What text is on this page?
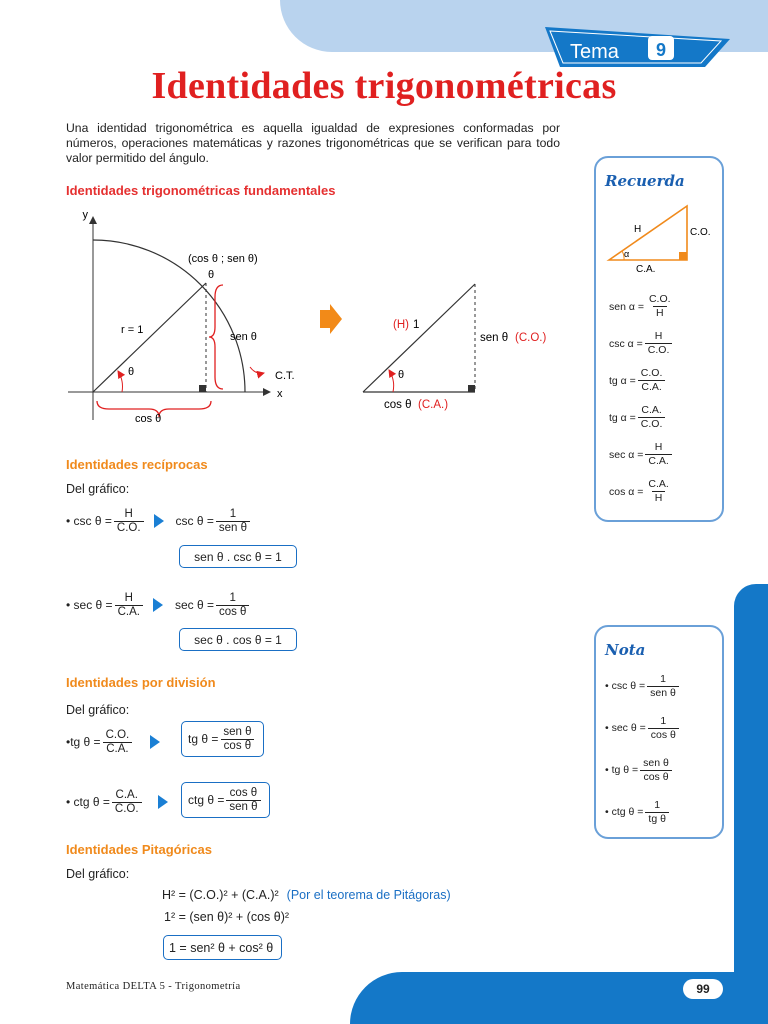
Tema 9
Identidades trigonométricas
Una identidad trigonométrica es aquella igualdad de expresiones conformadas por números, operaciones matemáticas y razones trigonométricas que se verifican para todo valor permitido del ángulo.
Identidades trigonométricas fundamentales
y
x
(cos θ ; sen θ)
θ
r = 1
θ
sen θ
cos θ
C.T.
(H) 1
sen θ (C.O.)
θ
cos θ (C.A.)
Identidades recíprocas
Del gráfico:
• $\csc \theta = \frac{H}{C.O.}$	$\csc \theta = \frac{1}{\text{sen θ}}$
sen θ . csc θ = 1
• $\sec \theta = \frac{H}{C.A.}$	$\sec \theta = \frac{1}{\text{cos θ}}$
sec θ . cos θ = 1
Identidades por división
Del gráfico:
•tg $\theta = \frac{C.O.}{C.A.}$	tg $\theta = \frac{\text{sen θ}}{\text{cos θ}}$
• ctg $\theta = \frac{C.A.}{C.O.}$	ctg $\theta = \frac{\text{cos θ}}{\text{sen θ}}$
Identidades Pitagóricas
Del gráfico:
H² = (C.O.)² + (C.A.)² (Por el teorema de Pitágoras)
1² = (sen θ)² + (cos θ)²
1 = sen² θ + cos² θ
Recuerda
H	C.O.
C.A.
α
sen $\alpha = \frac{C.O.}{H}$
$\csc \alpha = \frac{H}{C.O.}$
tg $\alpha = \frac{C.O.}{C.A.}$
tg $\alpha = \frac{C.A.}{C.O.}$
$\sec \alpha = \frac{H}{C.A.}$
$\cos \alpha = \frac{C.A.}{H}$
Nota
• $\csc \theta = \frac{1}{\text{sen θ}}$
• $\sec \theta = \frac{1}{\text{cos θ}}$
• tg $\theta = \frac{\text{sen θ}}{\text{cos θ}}$
• ctg $\theta = \frac{1}{\text{tg θ}}$
Matemática DELTA 5 - Trigonometría	99
